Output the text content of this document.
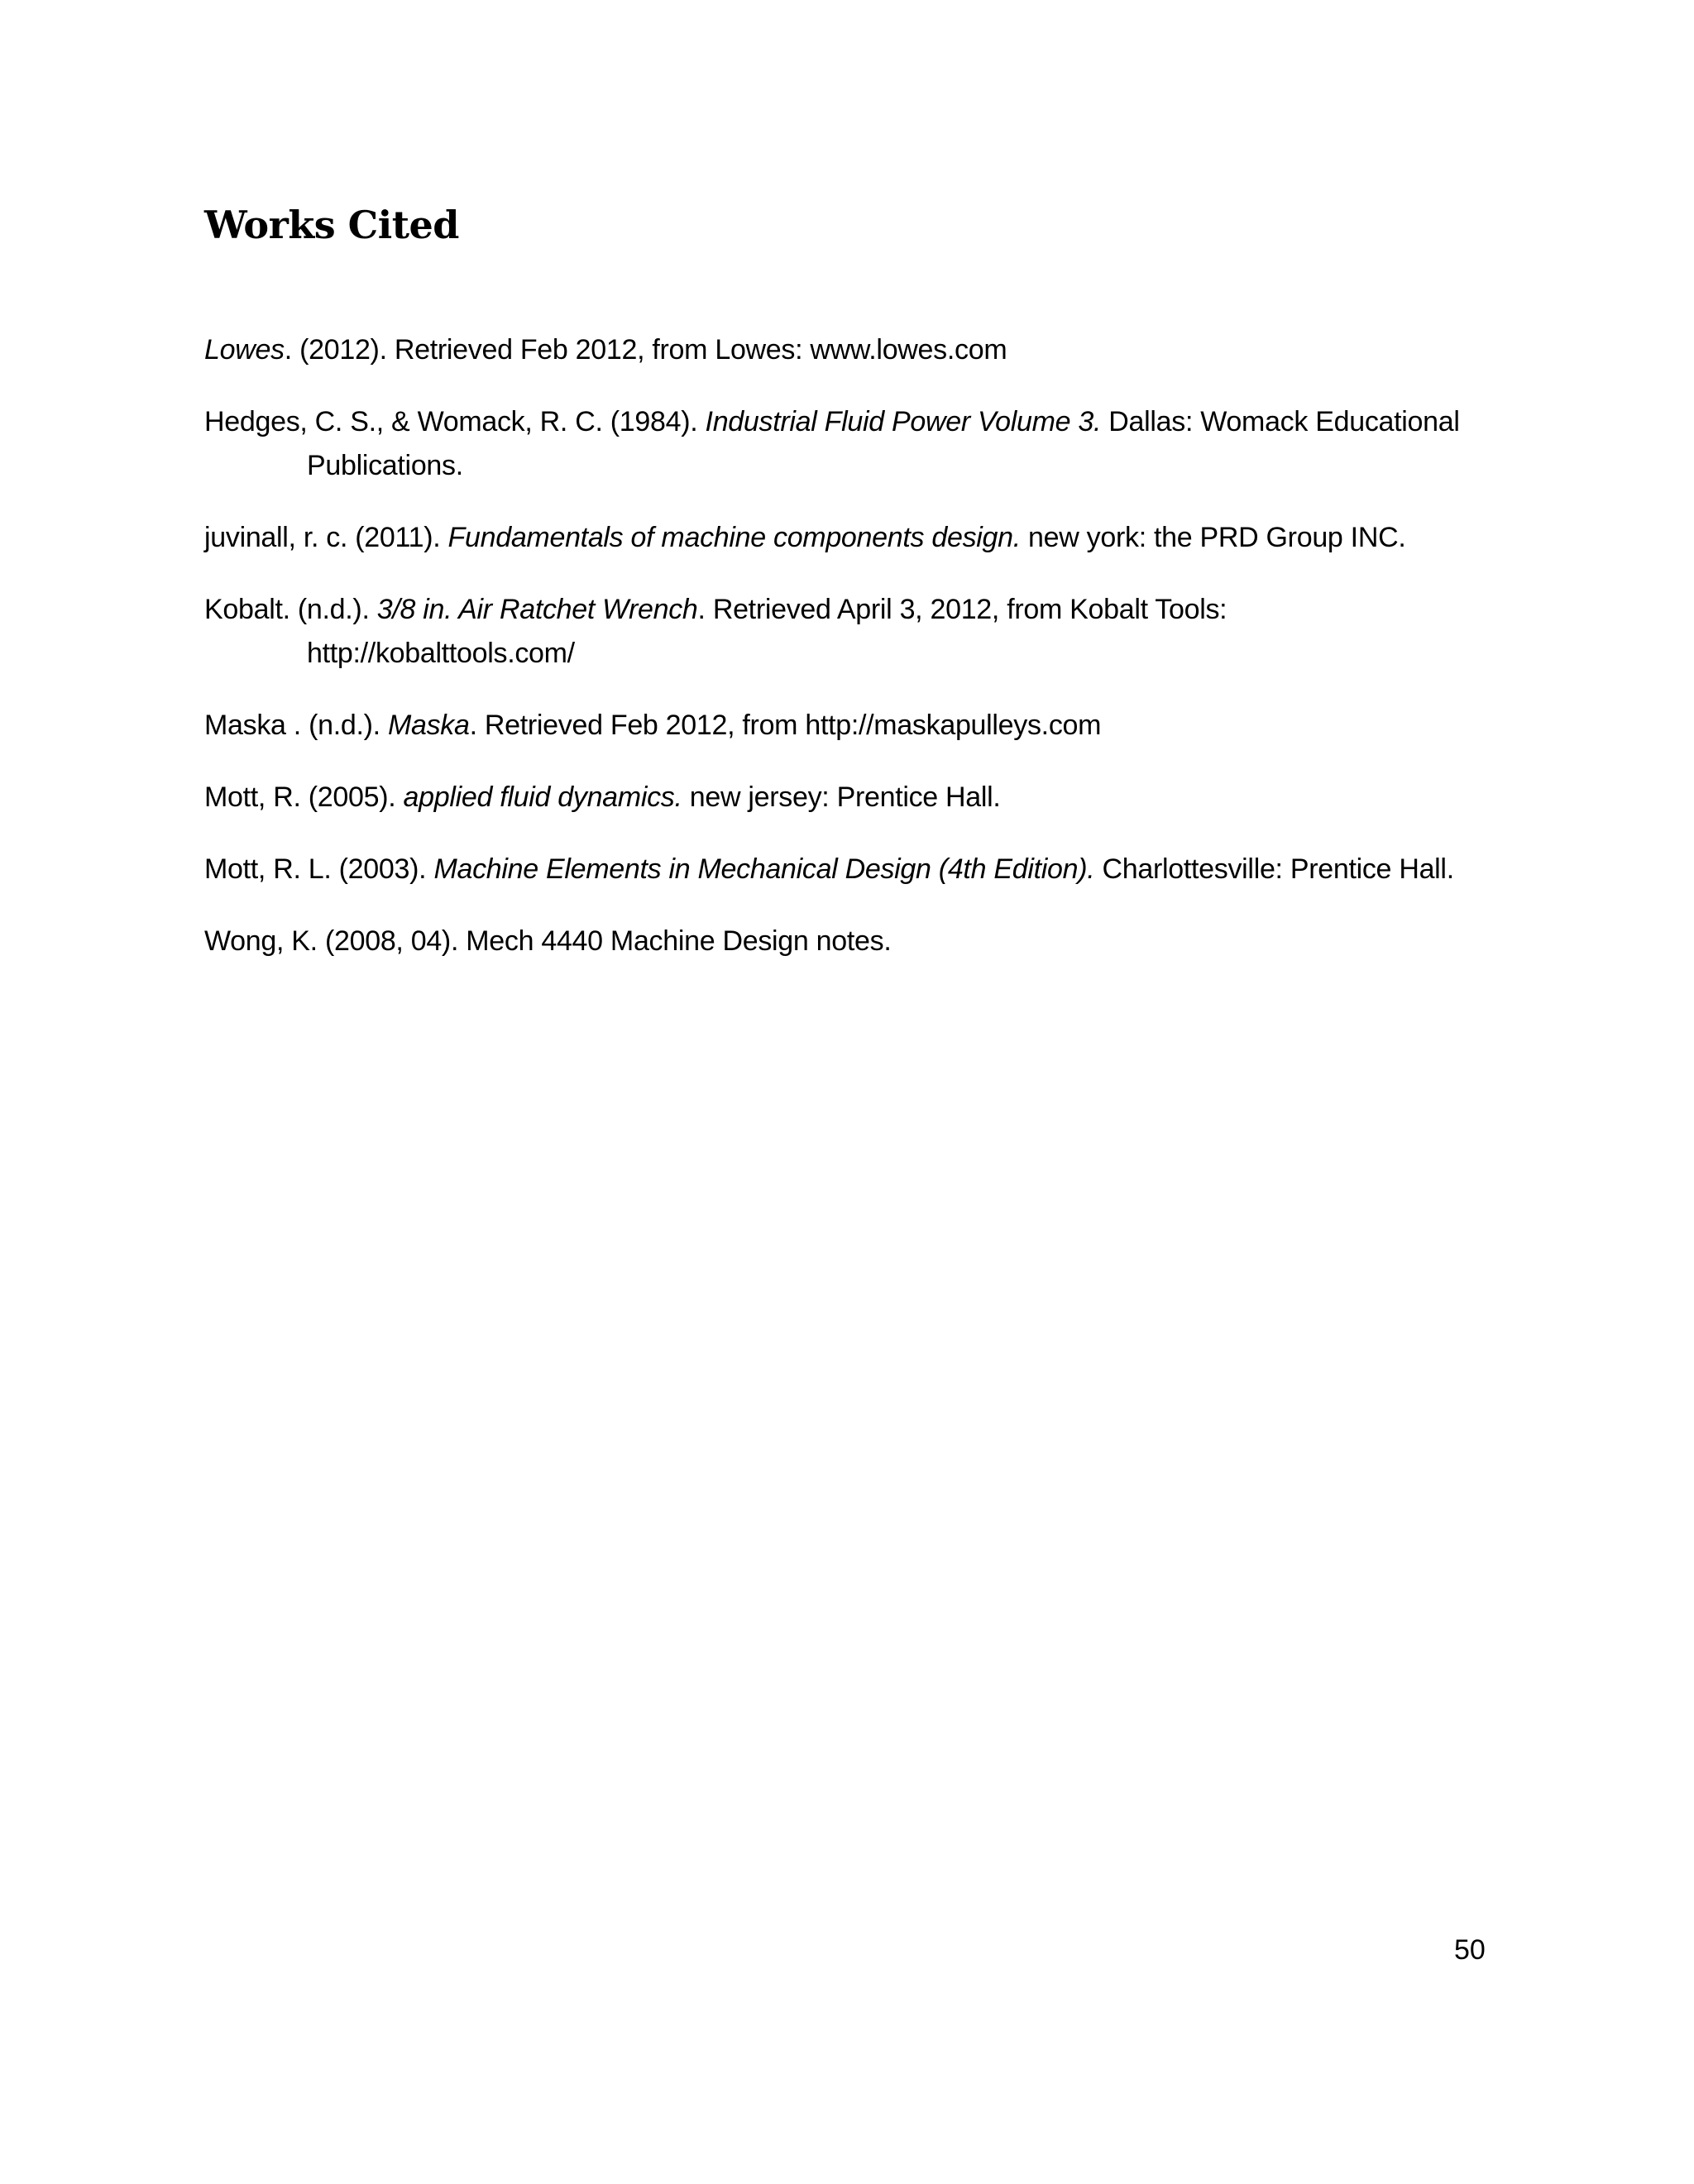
Works Cited
Lowes. (2012). Retrieved Feb 2012, from Lowes: www.lowes.com
Hedges, C. S., & Womack, R. C. (1984). Industrial Fluid Power Volume 3. Dallas: Womack Educational Publications.
juvinall, r. c. (2011). Fundamentals of machine components design. new york: the PRD Group INC.
Kobalt. (n.d.). 3/8 in. Air Ratchet Wrench. Retrieved April 3, 2012, from Kobalt Tools: http://kobalttools.com/
Maska . (n.d.). Maska. Retrieved Feb 2012, from http://maskapulleys.com
Mott, R. (2005). applied fluid dynamics. new jersey: Prentice Hall.
Mott, R. L. (2003). Machine Elements in Mechanical Design (4th Edition). Charlottesville: Prentice Hall.
Wong, K. (2008, 04). Mech 4440 Machine Design notes.
50
